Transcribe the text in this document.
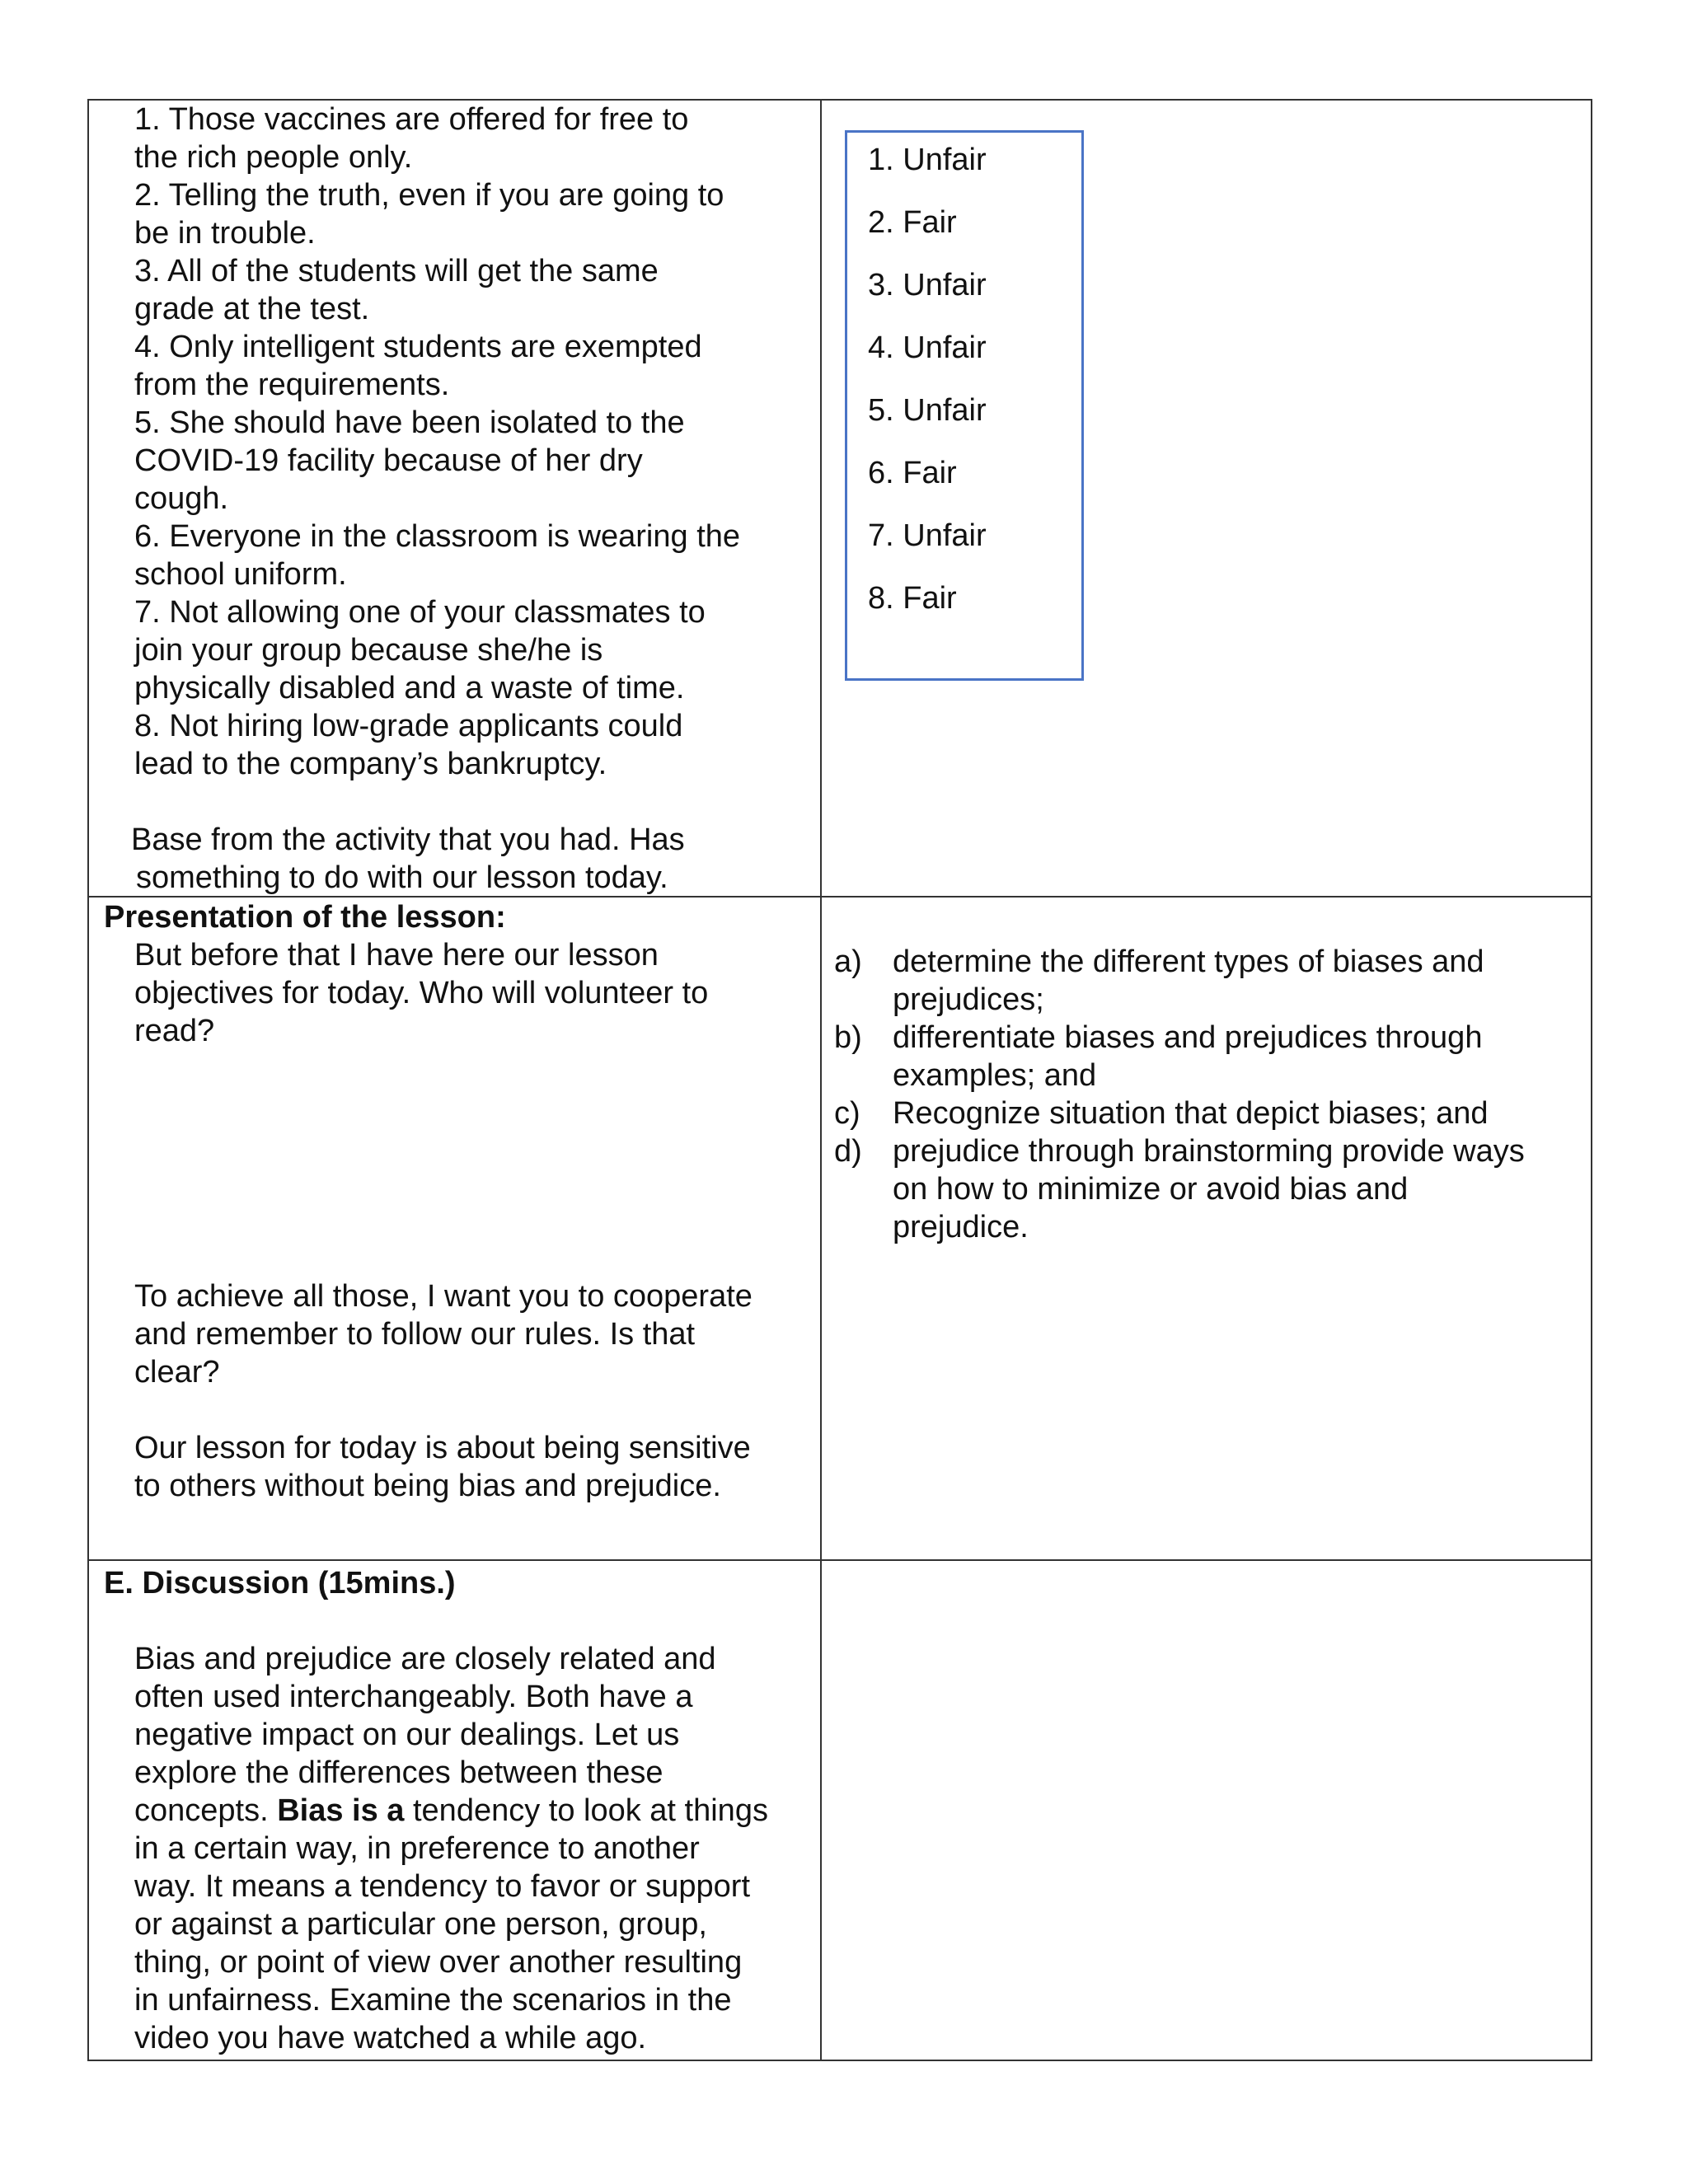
1. Those vaccines are offered for free to
the rich people only.
2. Telling the truth, even if you are going to
be in trouble.
3. All of the students will get the same
grade at the test.
4. Only intelligent students are exempted
from the requirements.
5. She should have been isolated to the
COVID-19 facility because of her dry
cough.
6. Everyone in the classroom is wearing the
school uniform.
7. Not allowing one of your classmates to
join your group because she/he is
physically disabled and a waste of time.
8. Not hiring low-grade applicants could
lead to the company’s bankruptcy.
Base from the activity that you had. Has
something to do with our lesson today.
1. Unfair
2. Fair
3. Unfair
4. Unfair
5. Unfair
6. Fair
7. Unfair
8. Fair
Presentation of the lesson:
But before that I have here our lesson
objectives for today. Who will volunteer to
read?
To achieve all those, I want you to cooperate
and remember to follow our rules. Is that
clear?
Our lesson for today is about being sensitive
to others without being bias and prejudice.
a) determine the different types of biases and
prejudices;
b) differentiate biases and prejudices through
examples; and
c) Recognize situation that depict biases; and
d) prejudice through brainstorming provide ways
on how to minimize or avoid bias and
prejudice.
E. Discussion (15mins.)
Bias and prejudice are closely related and
often used interchangeably. Both have a
negative impact on our dealings. Let us
explore the differences between these
concepts. Bias is a tendency to look at things
in a certain way, in preference to another
way. It means a tendency to favor or support
or against a particular one person, group,
thing, or point of view over another resulting
in unfairness. Examine the scenarios in the
video you have watched a while ago.
